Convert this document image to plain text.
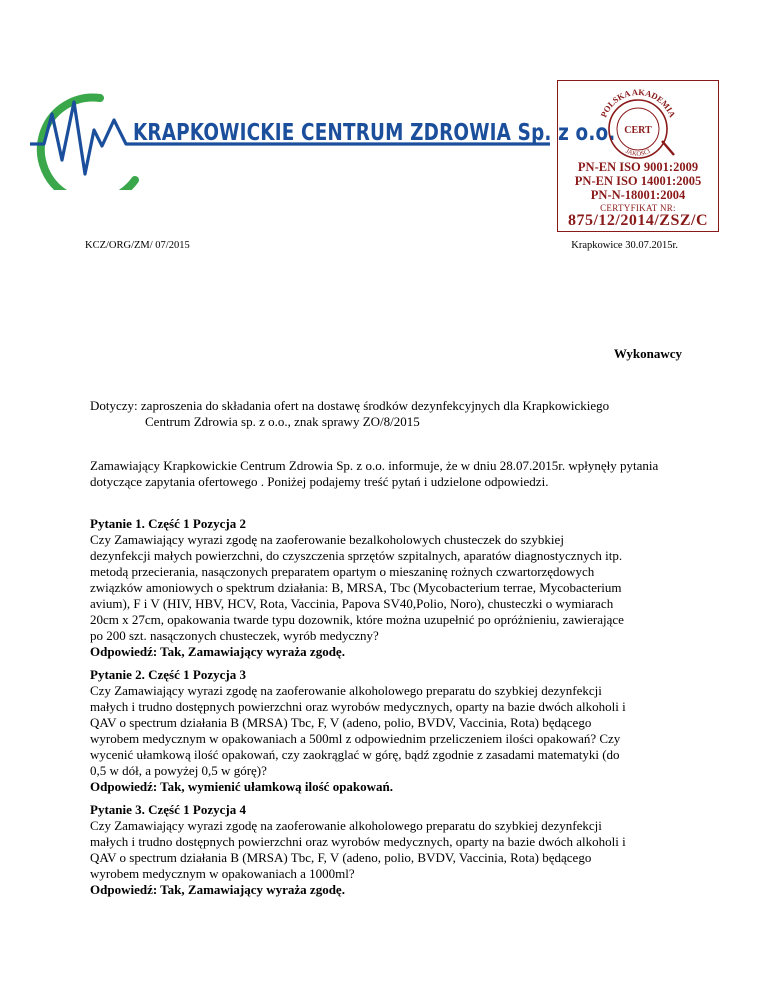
KRAPKOWICKIE CENTRUM ZDROWIA Sp. z o.o.
POLSKA AKADEMIA
CERT
JAKOŚCI
PN-EN ISO 9001:2009
PN-EN ISO 14001:2005
PN-N-18001:2004
CERTYFIKAT NR:
875/12/2014/ZSZ/C
KCZ/ORG/ZM/ 07/2015	Krapkowice 30.07.2015r.
Wykonawcy
Dotyczy: zaproszenia do składania ofert na dostawę środków dezynfekcyjnych dla Krapkowickiego
Centrum Zdrowia sp. z o.o., znak sprawy ZO/8/2015
Zamawiający Krapkowickie Centrum Zdrowia Sp. z o.o. informuje, że w dniu 28.07.2015r. wpłynęły pytania dotyczące zapytania ofertowego . Poniżej podajemy treść pytań i udzielone odpowiedzi.
Pytanie 1. Część 1 Pozycja 2
Czy Zamawiający wyrazi zgodę na zaoferowanie bezalkoholowych chusteczek do szybkiej
dezynfekcji małych powierzchni, do czyszczenia sprzętów szpitalnych, aparatów diagnostycznych itp.
metodą przecierania, nasączonych preparatem opartym o mieszaninę rożnych czwartorzędowych
związków amoniowych o spektrum działania: B, MRSA, Tbc (Mycobacterium terrae, Mycobacterium
avium), F i V (HIV, HBV, HCV, Rota, Vaccinia, Papova SV40,Polio, Noro), chusteczki o wymiarach
20cm x 27cm, opakowania twarde typu dozownik, które można uzupełnić po opróżnieniu, zawierające
po 200 szt. nasączonych chusteczek, wyrób medyczny?
Odpowiedź: Tak, Zamawiający wyraża zgodę.
Pytanie 2. Część 1 Pozycja 3
Czy Zamawiający wyrazi zgodę na zaoferowanie alkoholowego preparatu do szybkiej dezynfekcji
małych i trudno dostępnych powierzchni oraz wyrobów medycznych, oparty na bazie dwóch alkoholi i
QAV o spectrum działania B (MRSA) Tbc, F, V (adeno, polio, BVDV, Vaccinia, Rota) będącego
wyrobem medycznym w opakowaniach a 500ml z odpowiednim przeliczeniem ilości opakowań? Czy
wycenić ułamkową ilość opakowań, czy zaokrąglać w górę, bądź zgodnie z zasadami matematyki (do
0,5 w dół, a powyżej 0,5 w górę)?
Odpowiedź: Tak, wymienić ułamkową ilość opakowań.
Pytanie 3. Część 1 Pozycja 4
Czy Zamawiający wyrazi zgodę na zaoferowanie alkoholowego preparatu do szybkiej dezynfekcji
małych i trudno dostępnych powierzchni oraz wyrobów medycznych, oparty na bazie dwóch alkoholi i
QAV o spectrum działania B (MRSA) Tbc, F, V (adeno, polio, BVDV, Vaccinia, Rota) będącego
wyrobem medycznym w opakowaniach a 1000ml?
Odpowiedź: Tak, Zamawiający wyraża zgodę.
